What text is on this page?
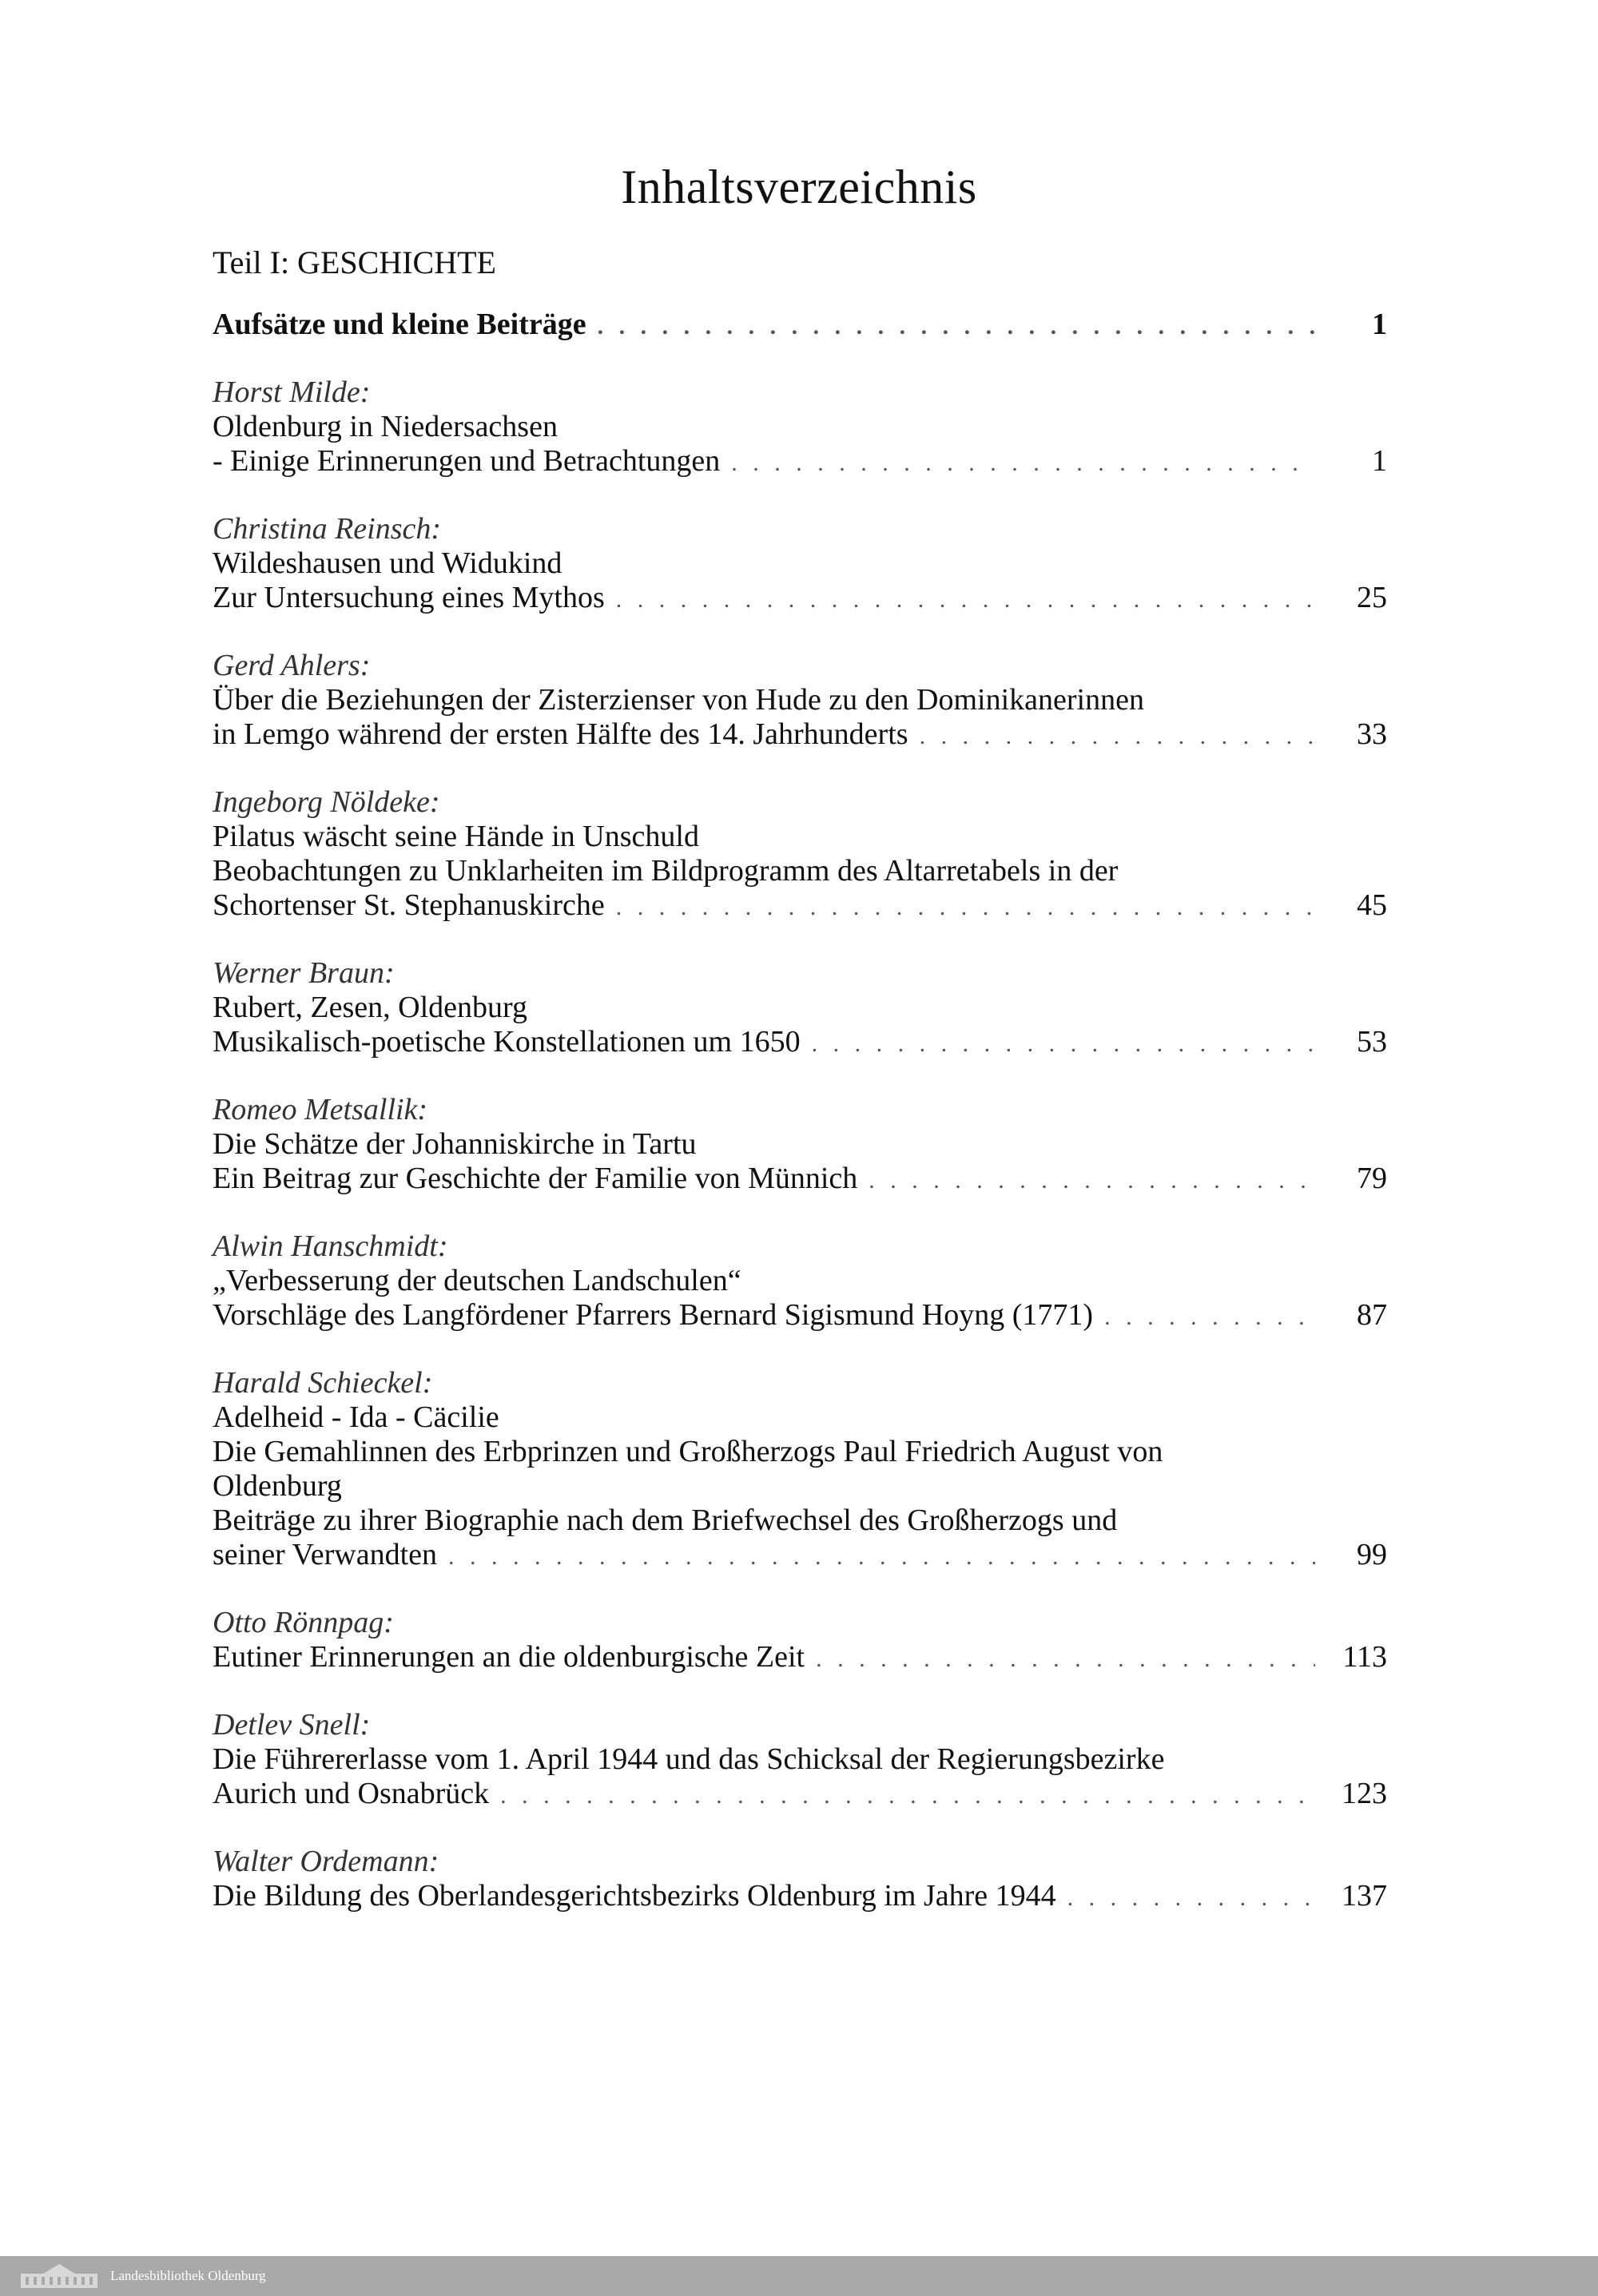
Inhaltsverzeichnis
Teil I: GESCHICHTE
Aufsätze und kleine Beiträge . . .	1
Horst Milde:
Oldenburg in Niedersachsen
- Einige Erinnerungen und Betrachtungen . . .	1
Christina Reinsch:
Wildeshausen und Widukind
Zur Untersuchung eines Mythos . . .	25
Gerd Ahlers:
Über die Beziehungen der Zisterzienser von Hude zu den Dominikanerinnen
in Lemgo während der ersten Hälfte des 14. Jahrhunderts . . .	33
Ingeborg Nöldeke:
Pilatus wäscht seine Hände in Unschuld
Beobachtungen zu Unklarheiten im Bildprogramm des Altarretabels in der
Schortenser St. Stephanuskirche . . .	45
Werner Braun:
Rubert, Zesen, Oldenburg
Musikalisch-poetische Konstellationen um 1650 . . .	53
Romeo Metsallik:
Die Schätze der Johanniskirche in Tartu
Ein Beitrag zur Geschichte der Familie von Münnich . . .	79
Alwin Hanschmidt:
„Verbesserung der deutschen Landschulen“
Vorschläge des Langfördener Pfarrers Bernard Sigismund Hoyng (1771) . . .	87
Harald Schieckel:
Adelheid - Ida - Cäcilie
Die Gemahlinnen des Erbprinzen und Großherzogs Paul Friedrich August von
Oldenburg
Beiträge zu ihrer Biographie nach dem Briefwechsel des Großherzogs und
seiner Verwandten . . .	99
Otto Rönnpag:
Eutiner Erinnerungen an die oldenburgische Zeit . . .	113
Detlev Snell:
Die Führererlasse vom 1. April 1944 und das Schicksal der Regierungsbezirke
Aurich und Osnabrück . . .	123
Walter Ordemann:
Die Bildung des Oberlandesgerichtsbezirks Oldenburg im Jahre 1944 . . .	137
Landesbibliothek Oldenburg
